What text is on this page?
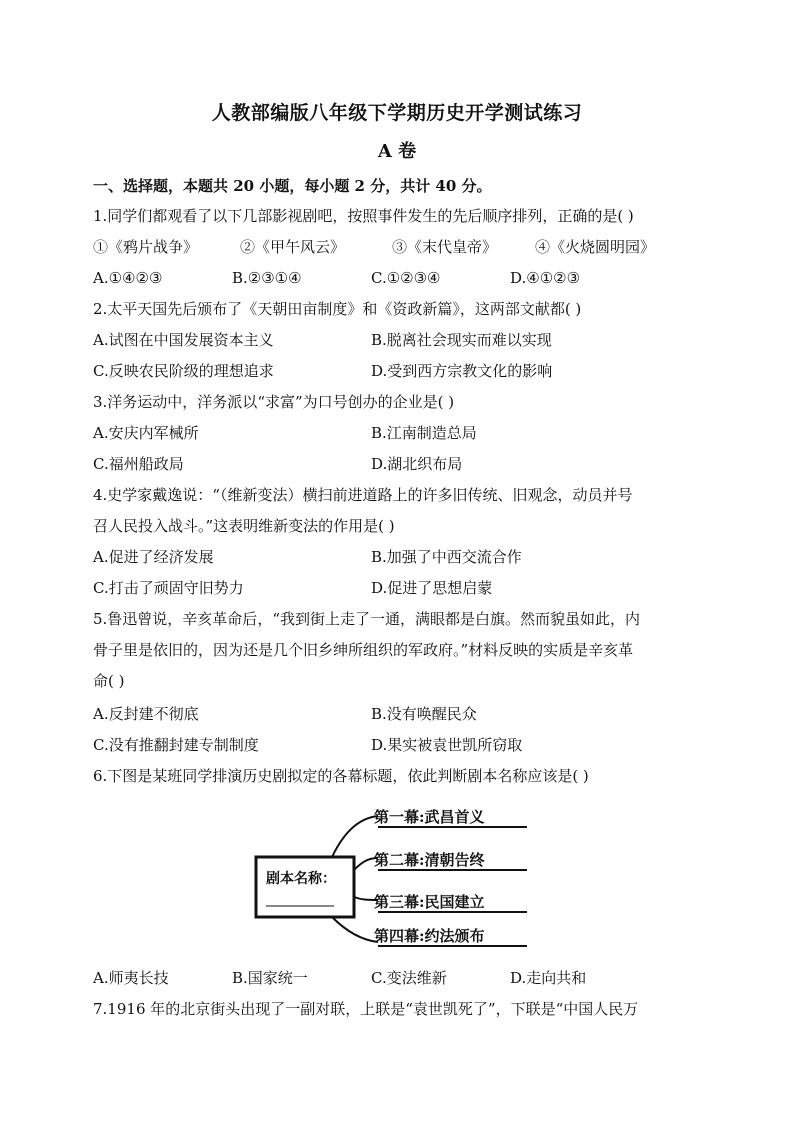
人教部编版八年级下学期历史开学测试练习
A 卷
一、选择题，本题共 20 小题，每小题 2 分，共计 40 分。
1.同学们都观看了以下几部影视剧吧，按照事件发生的先后顺序排列，正确的是( )
①《鸦片战争》	②《甲午风云》	③《末代皇帝》	④《火烧圆明园》
A.①④②③	B.②③①④	C.①②③④	D.④①②③
2.太平天国先后颁布了《天朝田亩制度》和《资政新篇》，这两部文献都( )
A.试图在中国发展资本主义	B.脱离社会现实而难以实现
C.反映农民阶级的理想追求	D.受到西方宗教文化的影响
3.洋务运动中，洋务派以“求富”为口号创办的企业是( )
A.安庆内军械所	B.江南制造总局
C.福州船政局	D.湖北织布局
4.史学家戴逸说：“（维新变法）横扫前进道路上的许多旧传统、旧观念，动员并号
召人民投入战斗。”这表明维新变法的作用是( )
A.促进了经济发展	B.加强了中西交流合作
C.打击了顽固守旧势力	D.促进了思想启蒙
5.鲁迅曾说，辛亥革命后，“我到街上走了一通，满眼都是白旗。然而貌虽如此，内
骨子里是依旧的，因为还是几个旧乡绅所组织的军政府。”材料反映的实质是辛亥革
命( )
A.反封建不彻底	B.没有唤醒民众
C.没有推翻封建专制制度	D.果实被袁世凯所窃取
6.下图是某班同学排演历史剧拟定的各幕标题，依此判断剧本名称应该是( )
剧本名称：
第一幕:武昌首义
第二幕:清朝告终
第三幕:民国建立
第四幕:约法颁布
A.师夷长技	B.国家统一	C.变法维新	D.走向共和
7.1916 年的北京街头出现了一副对联，上联是“袁世凯死了”，下联是“中国人民万
